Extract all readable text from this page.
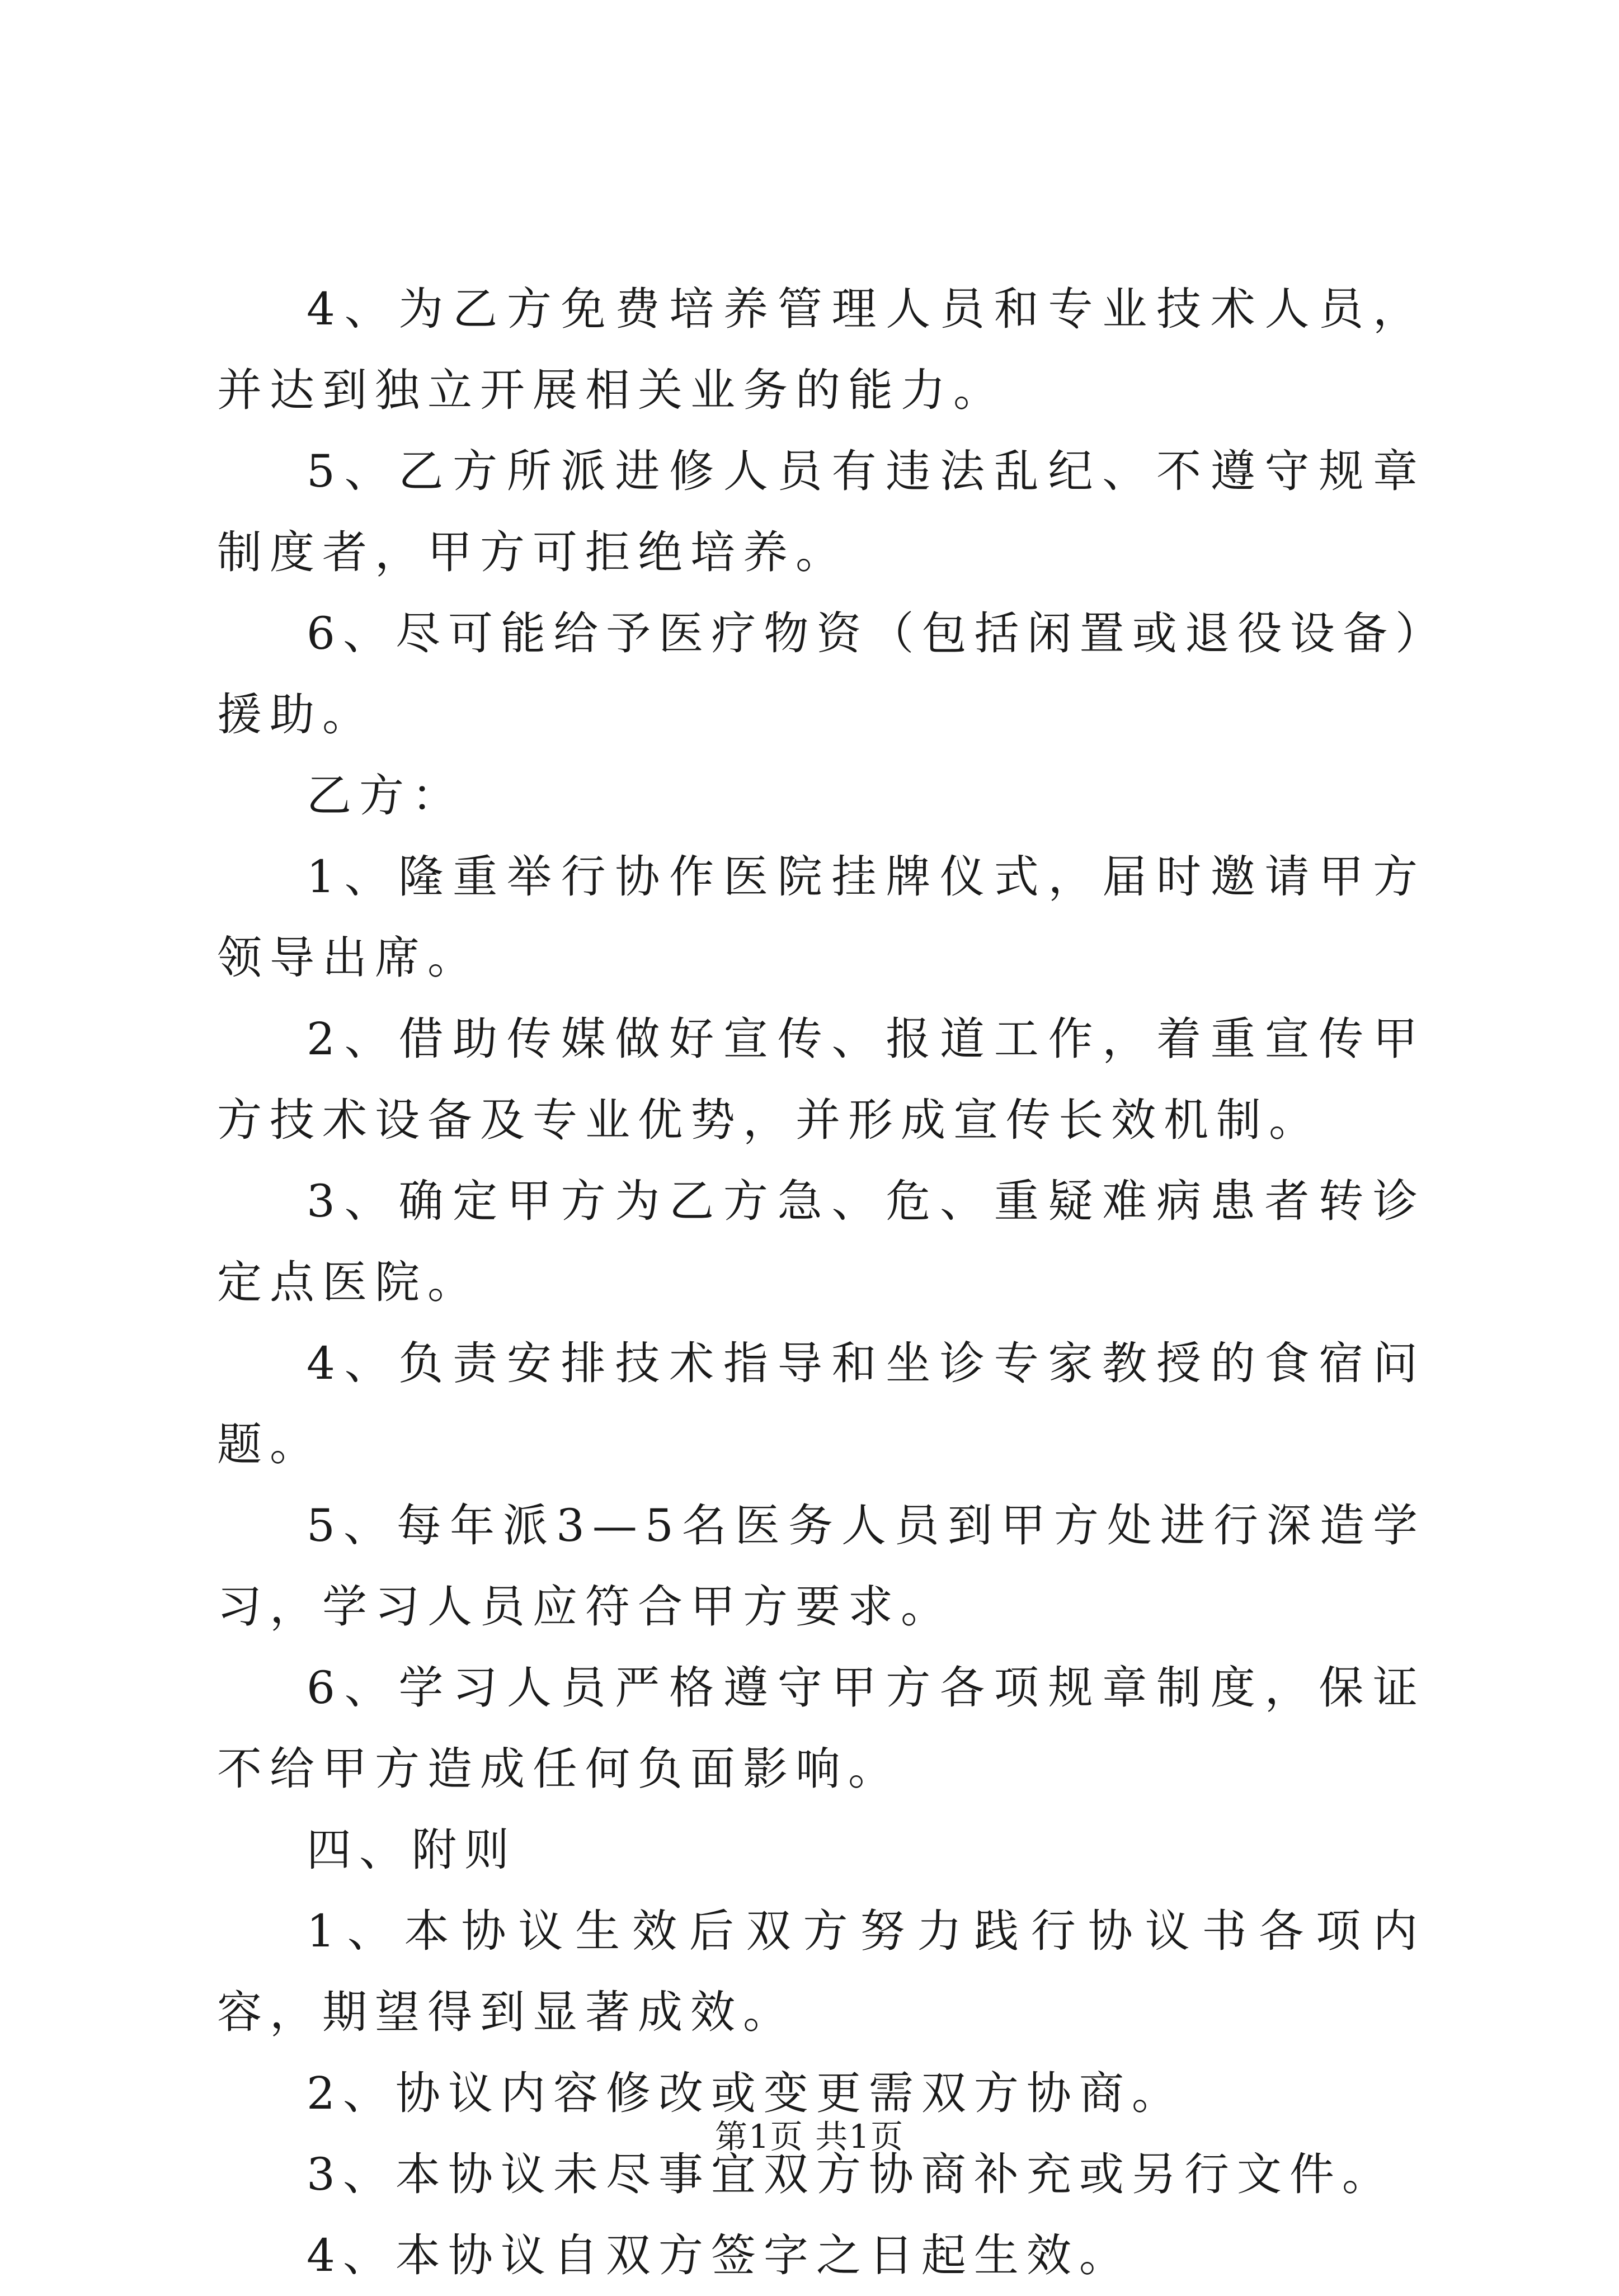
4、为乙方免费培养管理人员和专业技术人员，并达到独立开展相关业务的能力。

5、乙方所派进修人员有违法乱纪、不遵守规章制度者，甲方可拒绝培养。

6、尽可能给予医疗物资（包括闲置或退役设备）援助。

乙方：

1、隆重举行协作医院挂牌仪式，届时邀请甲方领导出席。

2、借助传媒做好宣传、报道工作，着重宣传甲方技术设备及专业优势，并形成宣传长效机制。

3、确定甲方为乙方急、危、重疑难病患者转诊定点医院。

4、负责安排技术指导和坐诊专家教授的食宿问题。

5、每年派3—5名医务人员到甲方处进行深造学习，学习人员应符合甲方要求。

6、学习人员严格遵守甲方各项规章制度，保证不给甲方造成任何负面影响。

四、附则

1、本协议生效后双方努力践行协议书各项内容，期望得到显著成效。

2、协议内容修改或变更需双方协商。

3、本协议未尽事宜双方协商补充或另行文件。

4、本协议自双方签字之日起生效。

第1页 共1页
